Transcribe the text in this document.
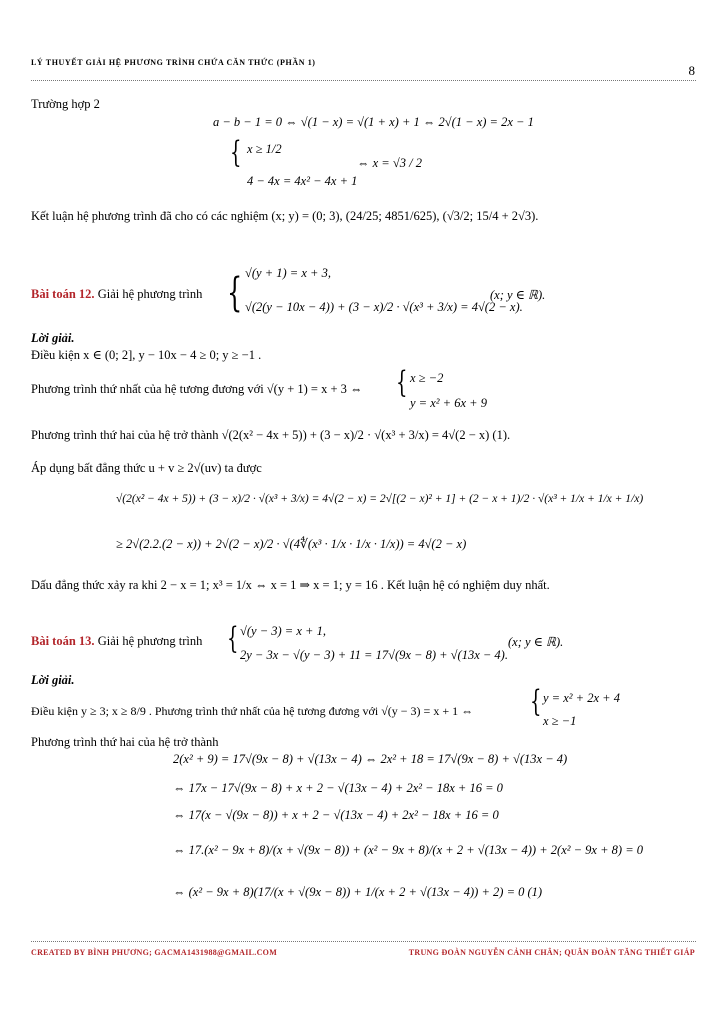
LÝ THUYẾT GIẢI HỆ PHƯƠNG TRÌNH CHỨA CĂN THỨC (PHẦN 1)
8
Trường hợp 2
a − b − 1 = 0 ⇔ √(1 − x) = √(1 + x) + 1 ⇔ 2√(1 − x) = 2x − 1
{ x ≥ 1/2
4 − 4x = 4x² − 4x + 1
⇔ x = √3 / 2
Kết luận hệ phương trình đã cho có các nghiệm (x; y) = (0; 3), (24/25; 4851/625), (√3/2; 15/4 + 2√3).
Bài toán 12. Giải hệ phương trình { √(y + 1) = x + 3,
√(2(y − 10x − 4)) + (3 − x)/2 · √(x³ + 3/x) = 4√(2 − x).
(x; y ∈ ℝ).
Lời giải.
Điều kiện x ∈ (0; 2], y − 10x − 4 ≥ 0; y ≥ −1 .
Phương trình thứ nhất của hệ tương đương với √(y + 1) = x + 3 ⇔ { x ≥ −2
y = x² + 6x + 9
Phương trình thứ hai của hệ trở thành √(2(x² − 4x + 5)) + (3 − x)/2 · √(x³ + 3/x) = 4√(2 − x) (1).
Áp dụng bất đẳng thức u + v ≥ 2√(uv) ta được
√(2(x² − 4x + 5)) + (3 − x)/2 · √(x³ + 3/x) = 4√(2 − x) = 2√[(2 − x)² + 1] + (2 − x + 1)/2 · √(x³ + 1/x + 1/x + 1/x)
≥ 2√(2.2.(2 − x)) + 2√(2 − x)/2 · √(4∜(x³ · 1/x · 1/x · 1/x)) = 4√(2 − x)
Dấu đẳng thức xảy ra khi 2 − x = 1; x³ = 1/x ⇔ x = 1 ⇒ x = 1; y = 16 . Kết luận hệ có nghiệm duy nhất.
Bài toán 13. Giải hệ phương trình { √(y − 3) = x + 1,
2y − 3x − √(y − 3) + 11 = 17√(9x − 8) + √(13x − 4).
(x; y ∈ ℝ).
Lời giải.
Điều kiện y ≥ 3; x ≥ 8/9 . Phương trình thứ nhất của hệ tương đương với √(y − 3) = x + 1 ⇔ { y = x² + 2x + 4
x ≥ −1
Phương trình thứ hai của hệ trở thành
2(x² + 9) = 17√(9x − 8) + √(13x − 4) ⇔ 2x² + 18 = 17√(9x − 8) + √(13x − 4)
⇔ 17x − 17√(9x − 8) + x + 2 − √(13x − 4) + 2x² − 18x + 16 = 0
⇔ 17(x − √(9x − 8)) + x + 2 − √(13x − 4) + 2x² − 18x + 16 = 0
⇔ 17.(x² − 9x + 8)/(x + √(9x − 8)) + (x² − 9x + 8)/(x + 2 + √(13x − 4)) + 2(x² − 9x + 8) = 0
⇔ (x² − 9x + 8)(17/(x + √(9x − 8)) + 1/(x + 2 + √(13x − 4)) + 2) = 0 (1)
CREATED BY BÌNH PHƯƠNG; GACMA1431988@GMAIL.COM	TRUNG ĐOÀN NGUYỄN CẢNH CHÂN; QUÂN ĐOÀN TĂNG THIẾT GIÁP
